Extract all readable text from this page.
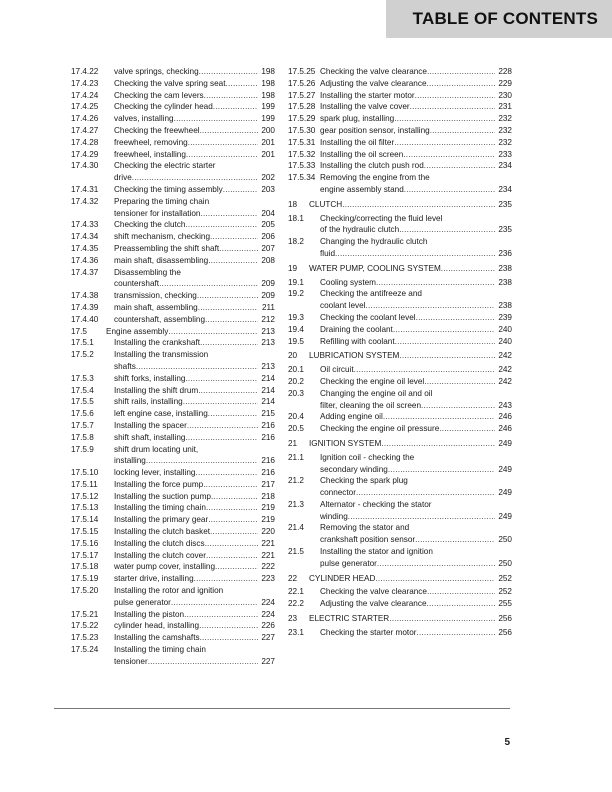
TABLE OF CONTENTS
17.4.22	valve springs, checking .....	198
17.4.23	Checking the valve spring seat .....	198
17.4.24	Checking the cam levers .....	198
17.4.25	Checking the cylinder head .....	199
17.4.26	valves, installing .....	199
17.4.27	Checking the freewheel .....	200
17.4.28	freewheel, removing .....	201
17.4.29	freewheel, installing .....	201
17.4.30	Checking the electric starter
drive .....	202
17.4.31	Checking the timing assembly .....	203
17.4.32	Preparing the timing chain
tensioner for installation .....	204
17.4.33	Checking the clutch .....	205
17.4.34	shift mechanism, checking .....	206
17.4.35	Preassembling the shift shaft .....	207
17.4.36	main shaft, disassembling .....	208
17.4.37	Disassembling the
countershaft .....	209
17.4.38	transmission, checking .....	209
17.4.39	main shaft, assembling .....	211
17.4.40	countershaft, assembling .....	212
17.5	Engine assembly .....	213
17.5.1	Installing the crankshaft .....	213
17.5.2	Installing the transmission
shafts .....	213
17.5.3	shift forks, installing .....	214
17.5.4	Installing the shift drum .....	214
17.5.5	shift rails, installing .....	214
17.5.6	left engine case, installing .....	215
17.5.7	Installing the spacer .....	216
17.5.8	shift shaft, installing .....	216
17.5.9	shift drum locating unit,
installing .....	216
17.5.10	locking lever, installing .....	216
17.5.11	Installing the force pump .....	217
17.5.12	Installing the suction pump .....	218
17.5.13	Installing the timing chain .....	219
17.5.14	Installing the primary gear .....	219
17.5.15	Installing the clutch basket .....	220
17.5.16	Installing the clutch discs .....	221
17.5.17	Installing the clutch cover .....	221
17.5.18	water pump cover, installing .....	222
17.5.19	starter drive, installing .....	223
17.5.20	Installing the rotor and ignition
pulse generator .....	224
17.5.21	Installing the piston .....	224
17.5.22	cylinder head, installing .....	226
17.5.23	Installing the camshafts .....	227
17.5.24	Installing the timing chain
tensioner .....	227
17.5.25 Checking the valve clearance .....	228
17.5.26 Adjusting the valve clearance .....	229
17.5.27 Installing the starter motor .....	230
17.5.28 Installing the valve cover .....	231
17.5.29 spark plug, installing .....	232
17.5.30 gear position sensor, installing .....	232
17.5.31 Installing the oil filter .....	232
17.5.32 Installing the oil screen .....	233
17.5.33 Installing the clutch push rod .....	234
17.5.34 Removing the engine from the
engine assembly stand .....	234
18	CLUTCH .....	235
18.1	Checking/correcting the fluid level
of the hydraulic clutch .....	235
18.2	Changing the hydraulic clutch
fluid .....	236
19	WATER PUMP, COOLING SYSTEM .....	238
19.1	Cooling system .....	238
19.2	Checking the antifreeze and
coolant level .....	238
19.3	Checking the coolant level .....	239
19.4	Draining the coolant .....	240
19.5	Refilling with coolant .....	240
20	LUBRICATION SYSTEM .....	242
20.1	Oil circuit .....	242
20.2	Checking the engine oil level .....	242
20.3	Changing the engine oil and oil
filter, cleaning the oil screen .....	243
20.4	Adding engine oil .....	246
20.5	Checking the engine oil pressure .....	246
21	IGNITION SYSTEM .....	249
21.1	Ignition coil - checking the
secondary winding .....	249
21.2	Checking the spark plug
connector .....	249
21.3	Alternator - checking the stator
winding .....	249
21.4	Removing the stator and
crankshaft position sensor .....	250
21.5	Installing the stator and ignition
pulse generator .....	250
22	CYLINDER HEAD .....	252
22.1	Checking the valve clearance .....	252
22.2	Adjusting the valve clearance .....	255
23	ELECTRIC STARTER .....	256
23.1	Checking the starter motor .....	256
5
